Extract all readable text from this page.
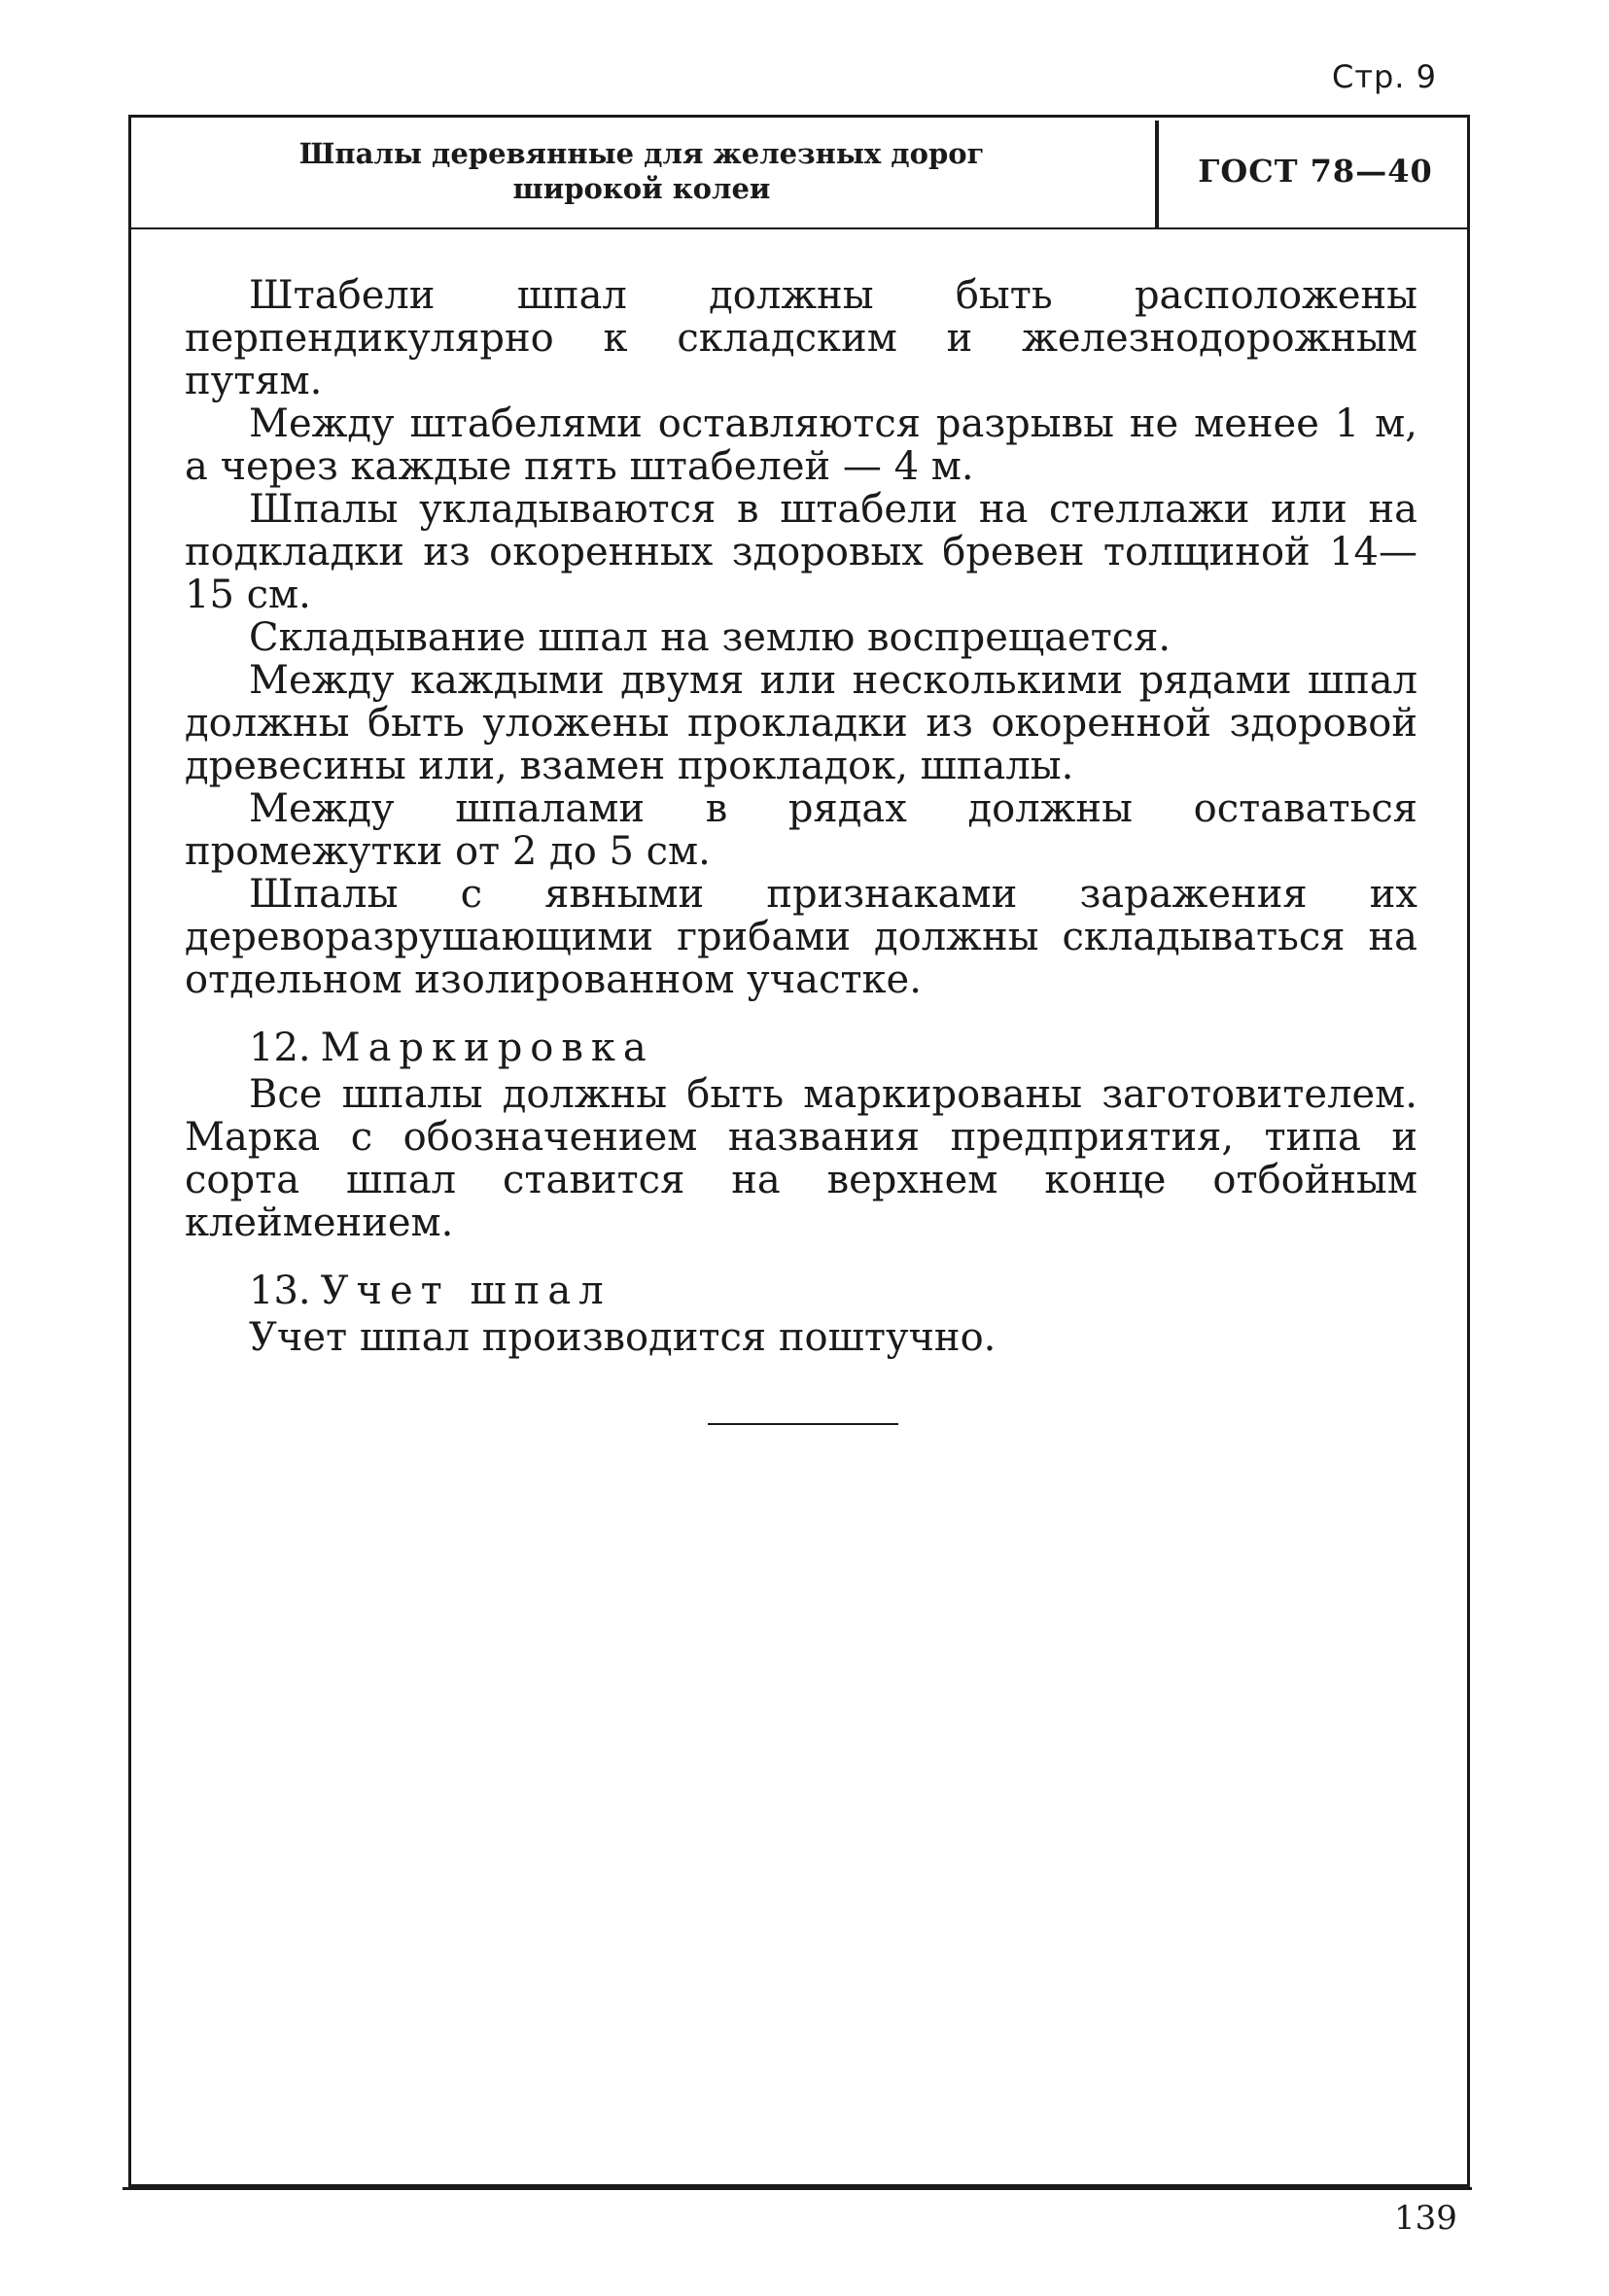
Стр. 9
Шпалы деревянные для железных дорог
широкой колеи	ГОСТ 78—40

Штабели шпал должны быть расположены перпендикулярно к складским и железнодорожным путям.

Между штабелями оставляются разрывы не менее 1 м, а через каждые пять штабелей — 4 м.

Шпалы укладываются в штабели на стеллажи или на подкладки из окоренных здоровых бревен толщиной 14—15 см.

Складывание шпал на землю воспрещается.

Между каждыми двумя или несколькими рядами шпал должны быть уложены прокладки из окоренной здоровой древесины или, взамен прокладок, шпалы.

Между шпалами в рядах должны оставаться промежутки от 2 до 5 см.

Шпалы с явными признаками заражения их дереворазрушающими грибами должны складываться на отдельном изолированном участке.

12. Маркировка

Все шпалы должны быть маркированы заготовителем. Марка с обозначением названия предприятия, типа и сорта шпал ставится на верхнем конце отбойным клеймением.

13. Учет шпал

Учет шпал производится поштучно.

139
